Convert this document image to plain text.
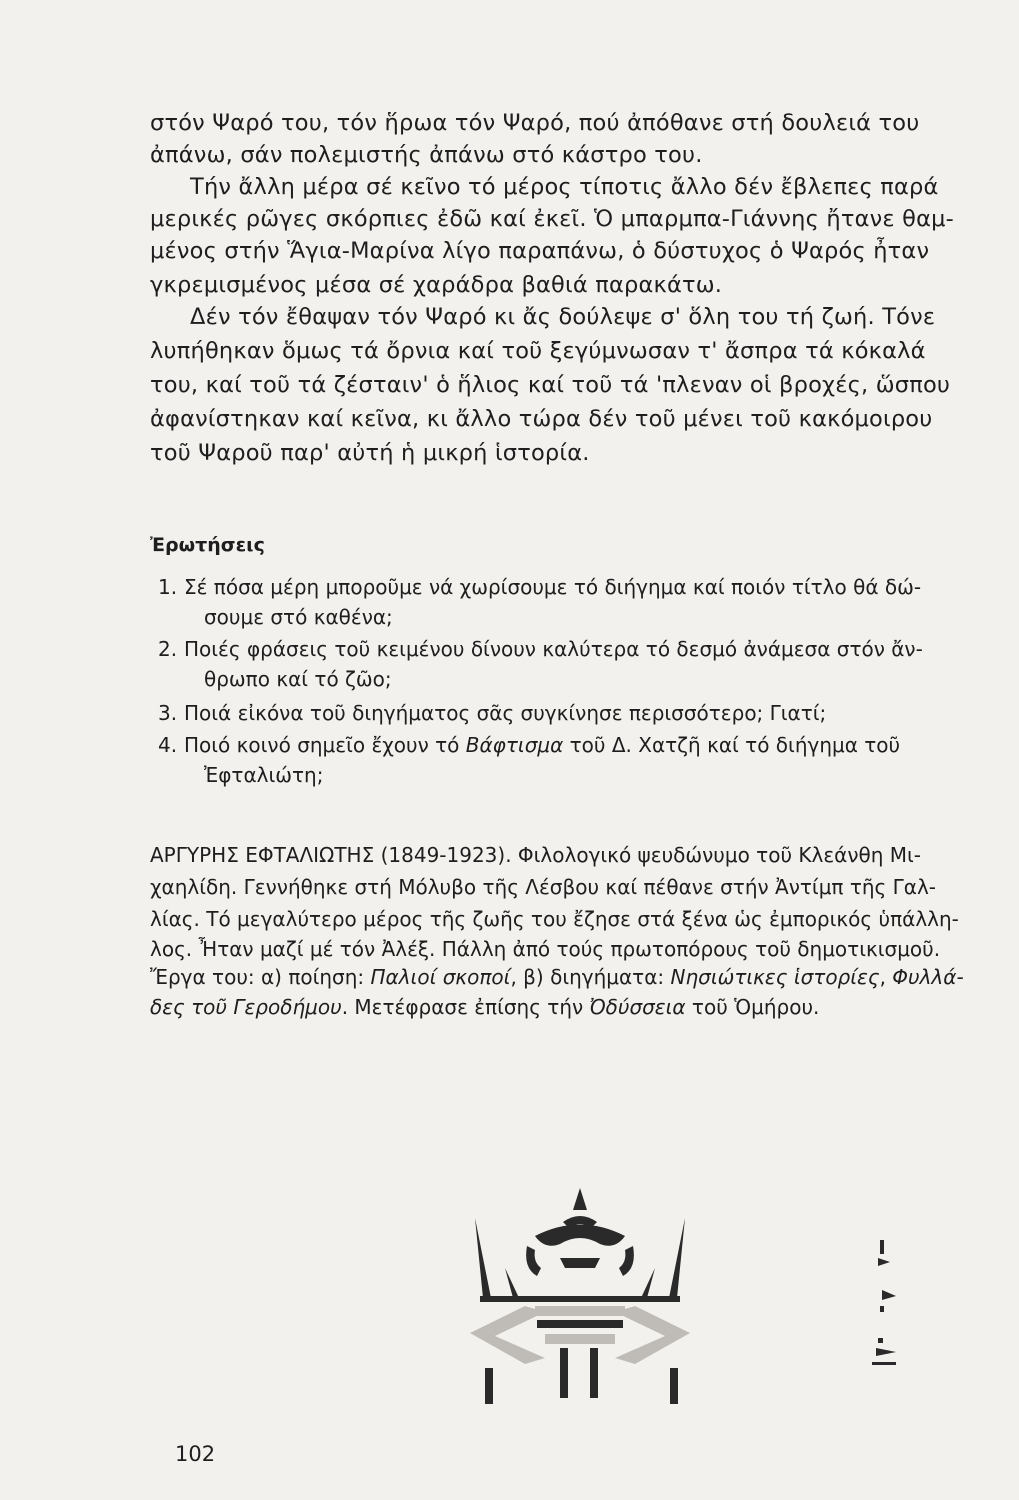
στόν Ψαρό του, τόν ἥρωα τόν Ψαρό, πού ἀπόθανε στή δουλειά του
ἀπάνω, σάν πολεμιστής ἀπάνω στό κάστρο του.
Τήν ἄλλη μέρα σέ κεῖνο τό μέρος τίποτις ἄλλο δέν ἔβλεπες παρά
μερικές ρῶγες σκόρπιες ἐδῶ καί ἐκεῖ. Ὁ μπαρμπα-Γιάννης ἤτανε θαμ-
μένος στήν Ἅγια-Μαρίνα λίγο παραπάνω, ὁ δύστυχος ὁ Ψαρός ἦταν
γκρεμισμένος μέσα σέ χαράδρα βαθιά παρακάτω.
Δέν τόν ἔθαψαν τόν Ψαρό κι ἄς δούλεψε σ' ὅλη του τή ζωή. Τόνε
λυπήθηκαν ὅμως τά ὄρνια καί τοῦ ξεγύμνωσαν τ' ἄσπρα τά κόκαλά
του, καί τοῦ τά ζέσταιν' ὁ ἥλιος καί τοῦ τά 'πλεναν οἱ βροχές, ὥσπου
ἀφανίστηκαν καί κεῖνα, κι ἄλλο τώρα δέν τοῦ μένει τοῦ κακόμοιρου
τοῦ Ψαροῦ παρ' αὐτή ἡ μικρή ἱστορία.
Ἐρωτήσεις
1. Σέ πόσα μέρη μποροῦμε νά χωρίσουμε τό διήγημα καί ποιόν τίτλο θά δώ-
σουμε στό καθένα;
2. Ποιές φράσεις τοῦ κειμένου δίνουν καλύτερα τό δεσμό ἀνάμεσα στόν ἄν-
θρωπο καί τό ζῶο;
3. Ποιά εἰκόνα τοῦ διηγήματος σᾶς συγκίνησε περισσότερο; Γιατί;
4. Ποιό κοινό σημεῖο ἔχουν τό Βάφτισμα τοῦ Δ. Χατζῆ καί τό διήγημα τοῦ
Ἐφταλιώτη;
ΑΡΓΥΡΗΣ ΕΦΤΑΛΙΩΤΗΣ (1849-1923). Φιλολογικό ψευδώνυμο τοῦ Κλεάνθη Μι-
χαηλίδη. Γεννήθηκε στή Μόλυβο τῆς Λέσβου καί πέθανε στήν Ἀντίμπ τῆς Γαλ-
λίας. Τό μεγαλύτερο μέρος τῆς ζωῆς του ἔζησε στά ξένα ὡς ἐμπορικός ὑπάλλη-
λος. Ἦταν μαζί μέ τόν Ἀλέξ. Πάλλη ἀπό τούς πρωτοπόρους τοῦ δημοτικισμοῦ.
Ἔργα του: α) ποίηση: Παλιοί σκοποί, β) διηγήματα: Νησιώτικες ἱστορίες, Φυλλά-
δες τοῦ Γεροδήμου. Μετέφρασε ἐπίσης τήν Ὀδύσσεια τοῦ Ὁμήρου.
102
